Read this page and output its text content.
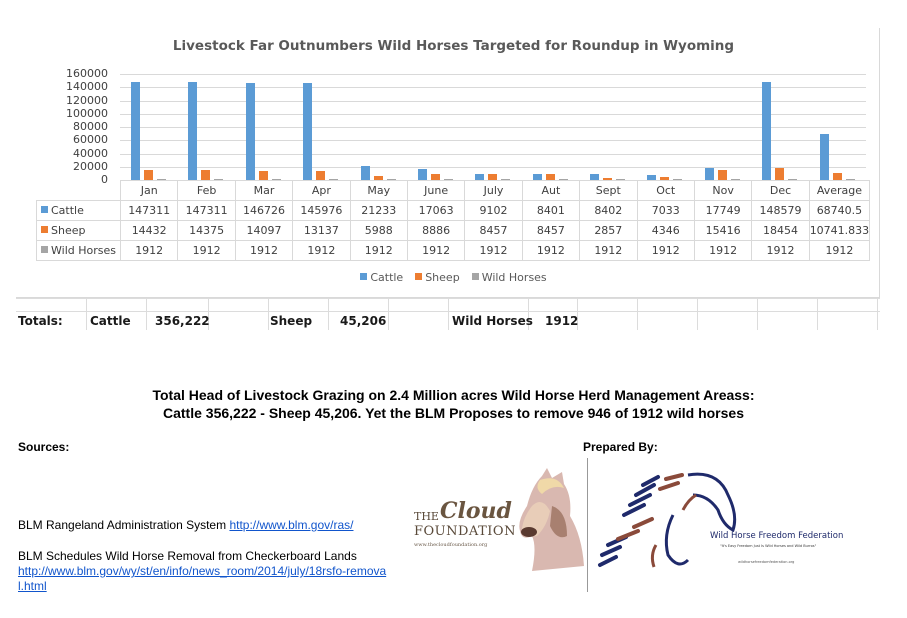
Livestock Far Outnumbers Wild Horses Targeted for Roundup in Wyoming
160000
140000
120000
100000
80000
60000
40000
20000
0
	Jan	Feb	Mar	Apr	May	June	July	Aut	Sept	Oct	Nov	Dec	Average
Cattle	147311	147311	146726	145976	21233	17063	9102	8401	8402	7033	17749	148579	68740.5
Sheep	14432	14375	14097	13137	5988	8886	8457	8457	2857	4346	15416	18454	10741.833
Wild Horses	1912	1912	1912	1912	1912	1912	1912	1912	1912	1912	1912	1912	1912
Cattle Sheep Wild Horses
Totals: Cattle 356,222	Sheep 45,206	Wild Horses 1912
Total Head of Livestock Grazing on 2.4 Million acres Wild Horse Herd Management Areass:
Cattle 356,222 - Sheep 45,206. Yet the BLM Proposes to remove 946 of 1912 wild horses
Sources:	Prepared By:
BLM Rangeland Administration System http://www.blm.gov/ras/
BLM Schedules Wild Horse Removal from Checkerboard Lands
http://www.blm.gov/wy/st/en/info/news_room/2014/july/18rsfo-removal.html
THE Cloud
FOUNDATION
www.thecloudfoundation.org
Wild Horse Freedom Federation
"It's Easy Freedom Just Is Wild Horses and Wild Burros"
wildhorsefreedomfederation.org
